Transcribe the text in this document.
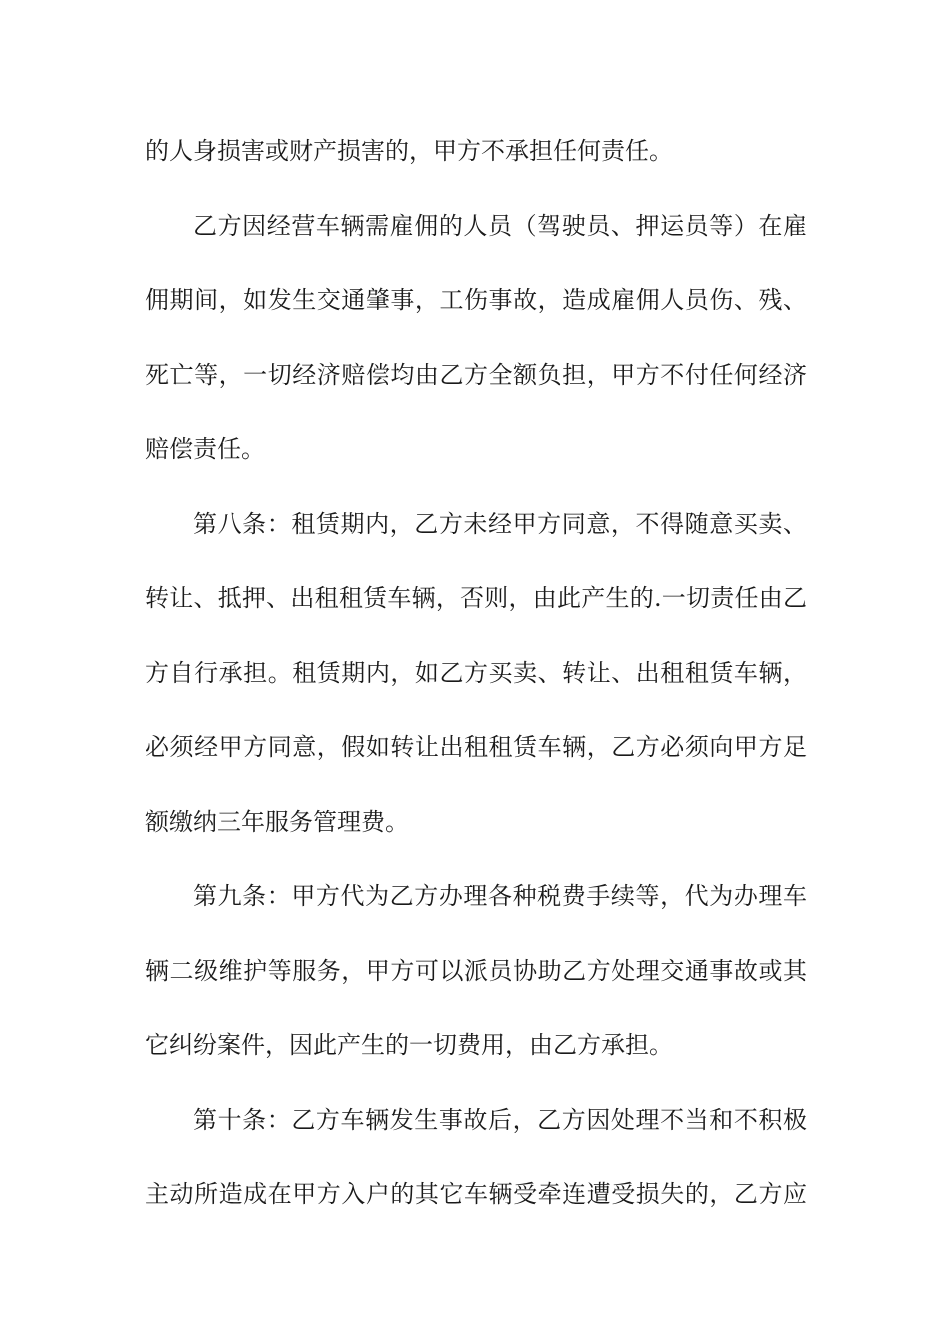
的人身损害或财产损害的，甲方不承担任何责任。
乙方因经营车辆需雇佣的人员（驾驶员、押运员等）在雇
佣期间，如发生交通肇事，工伤事故，造成雇佣人员伤、残、
死亡等，一切经济赔偿均由乙方全额负担，甲方不付任何经济
赔偿责任。
第八条：租赁期内，乙方未经甲方同意，不得随意买卖、
转让、抵押、出租租赁车辆，否则，由此产生的.一切责任由乙
方自行承担。租赁期内，如乙方买卖、转让、出租租赁车辆，
必须经甲方同意，假如转让出租租赁车辆，乙方必须向甲方足
额缴纳三年服务管理费。
第九条：甲方代为乙方办理各种税费手续等，代为办理车
辆二级维护等服务，甲方可以派员协助乙方处理交通事故或其
它纠纷案件，因此产生的一切费用，由乙方承担。
第十条：乙方车辆发生事故后，乙方因处理不当和不积极
主动所造成在甲方入户的其它车辆受牵连遭受损失的，乙方应
